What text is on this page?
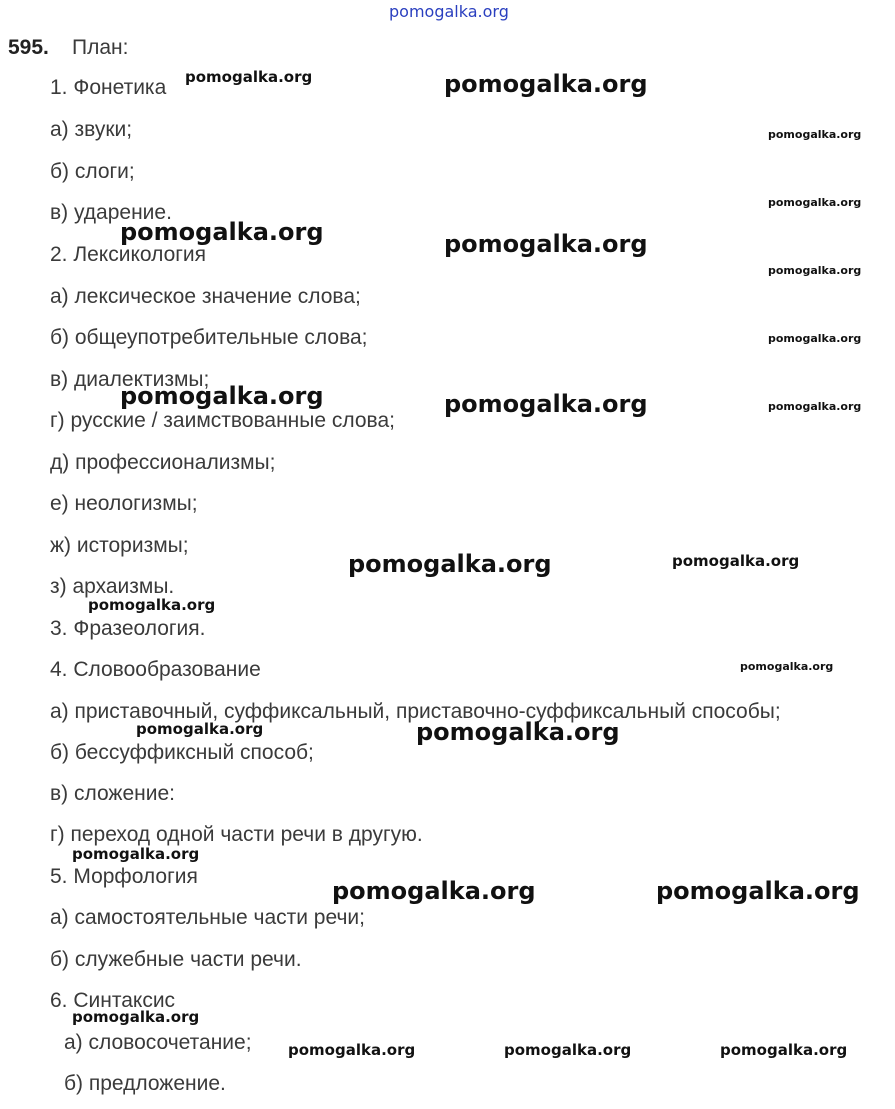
pomogalka.org
595. План:
1. Фонетика
а) звуки;
б) слоги;
в) ударение.
2. Лексикология
а) лексическое значение слова;
б) общеупотребительные слова;
в) диалектизмы;
г) русские / заимствованные слова;
д) профессионализмы;
е) неологизмы;
ж) историзмы;
з) архаизмы.
3. Фразеология.
4. Словообразование
а) приставочный, суффиксальный, приставочно-суффиксальный способы;
б) бессуффиксный способ;
в) сложение:
г) переход одной части речи в другую.
5. Морфология
а) самостоятельные части речи;
б) служебные части речи.
6. Синтаксис
а) словосочетание;
б) предложение.
pomogalka.org	pomogalka.org
pomogalka.org
pomogalka.org
pomogalka.org	pomogalka.org
pomogalka.org
pomogalka.org
pomogalka.org	pomogalka.org	pomogalka.org
pomogalka.org	pomogalka.org
pomogalka.org
pomogalka.org
pomogalka.org	pomogalka.org
pomogalka.org
pomogalka.org	pomogalka.org
pomogalka.org
pomogalka.org	pomogalka.org	pomogalka.org
